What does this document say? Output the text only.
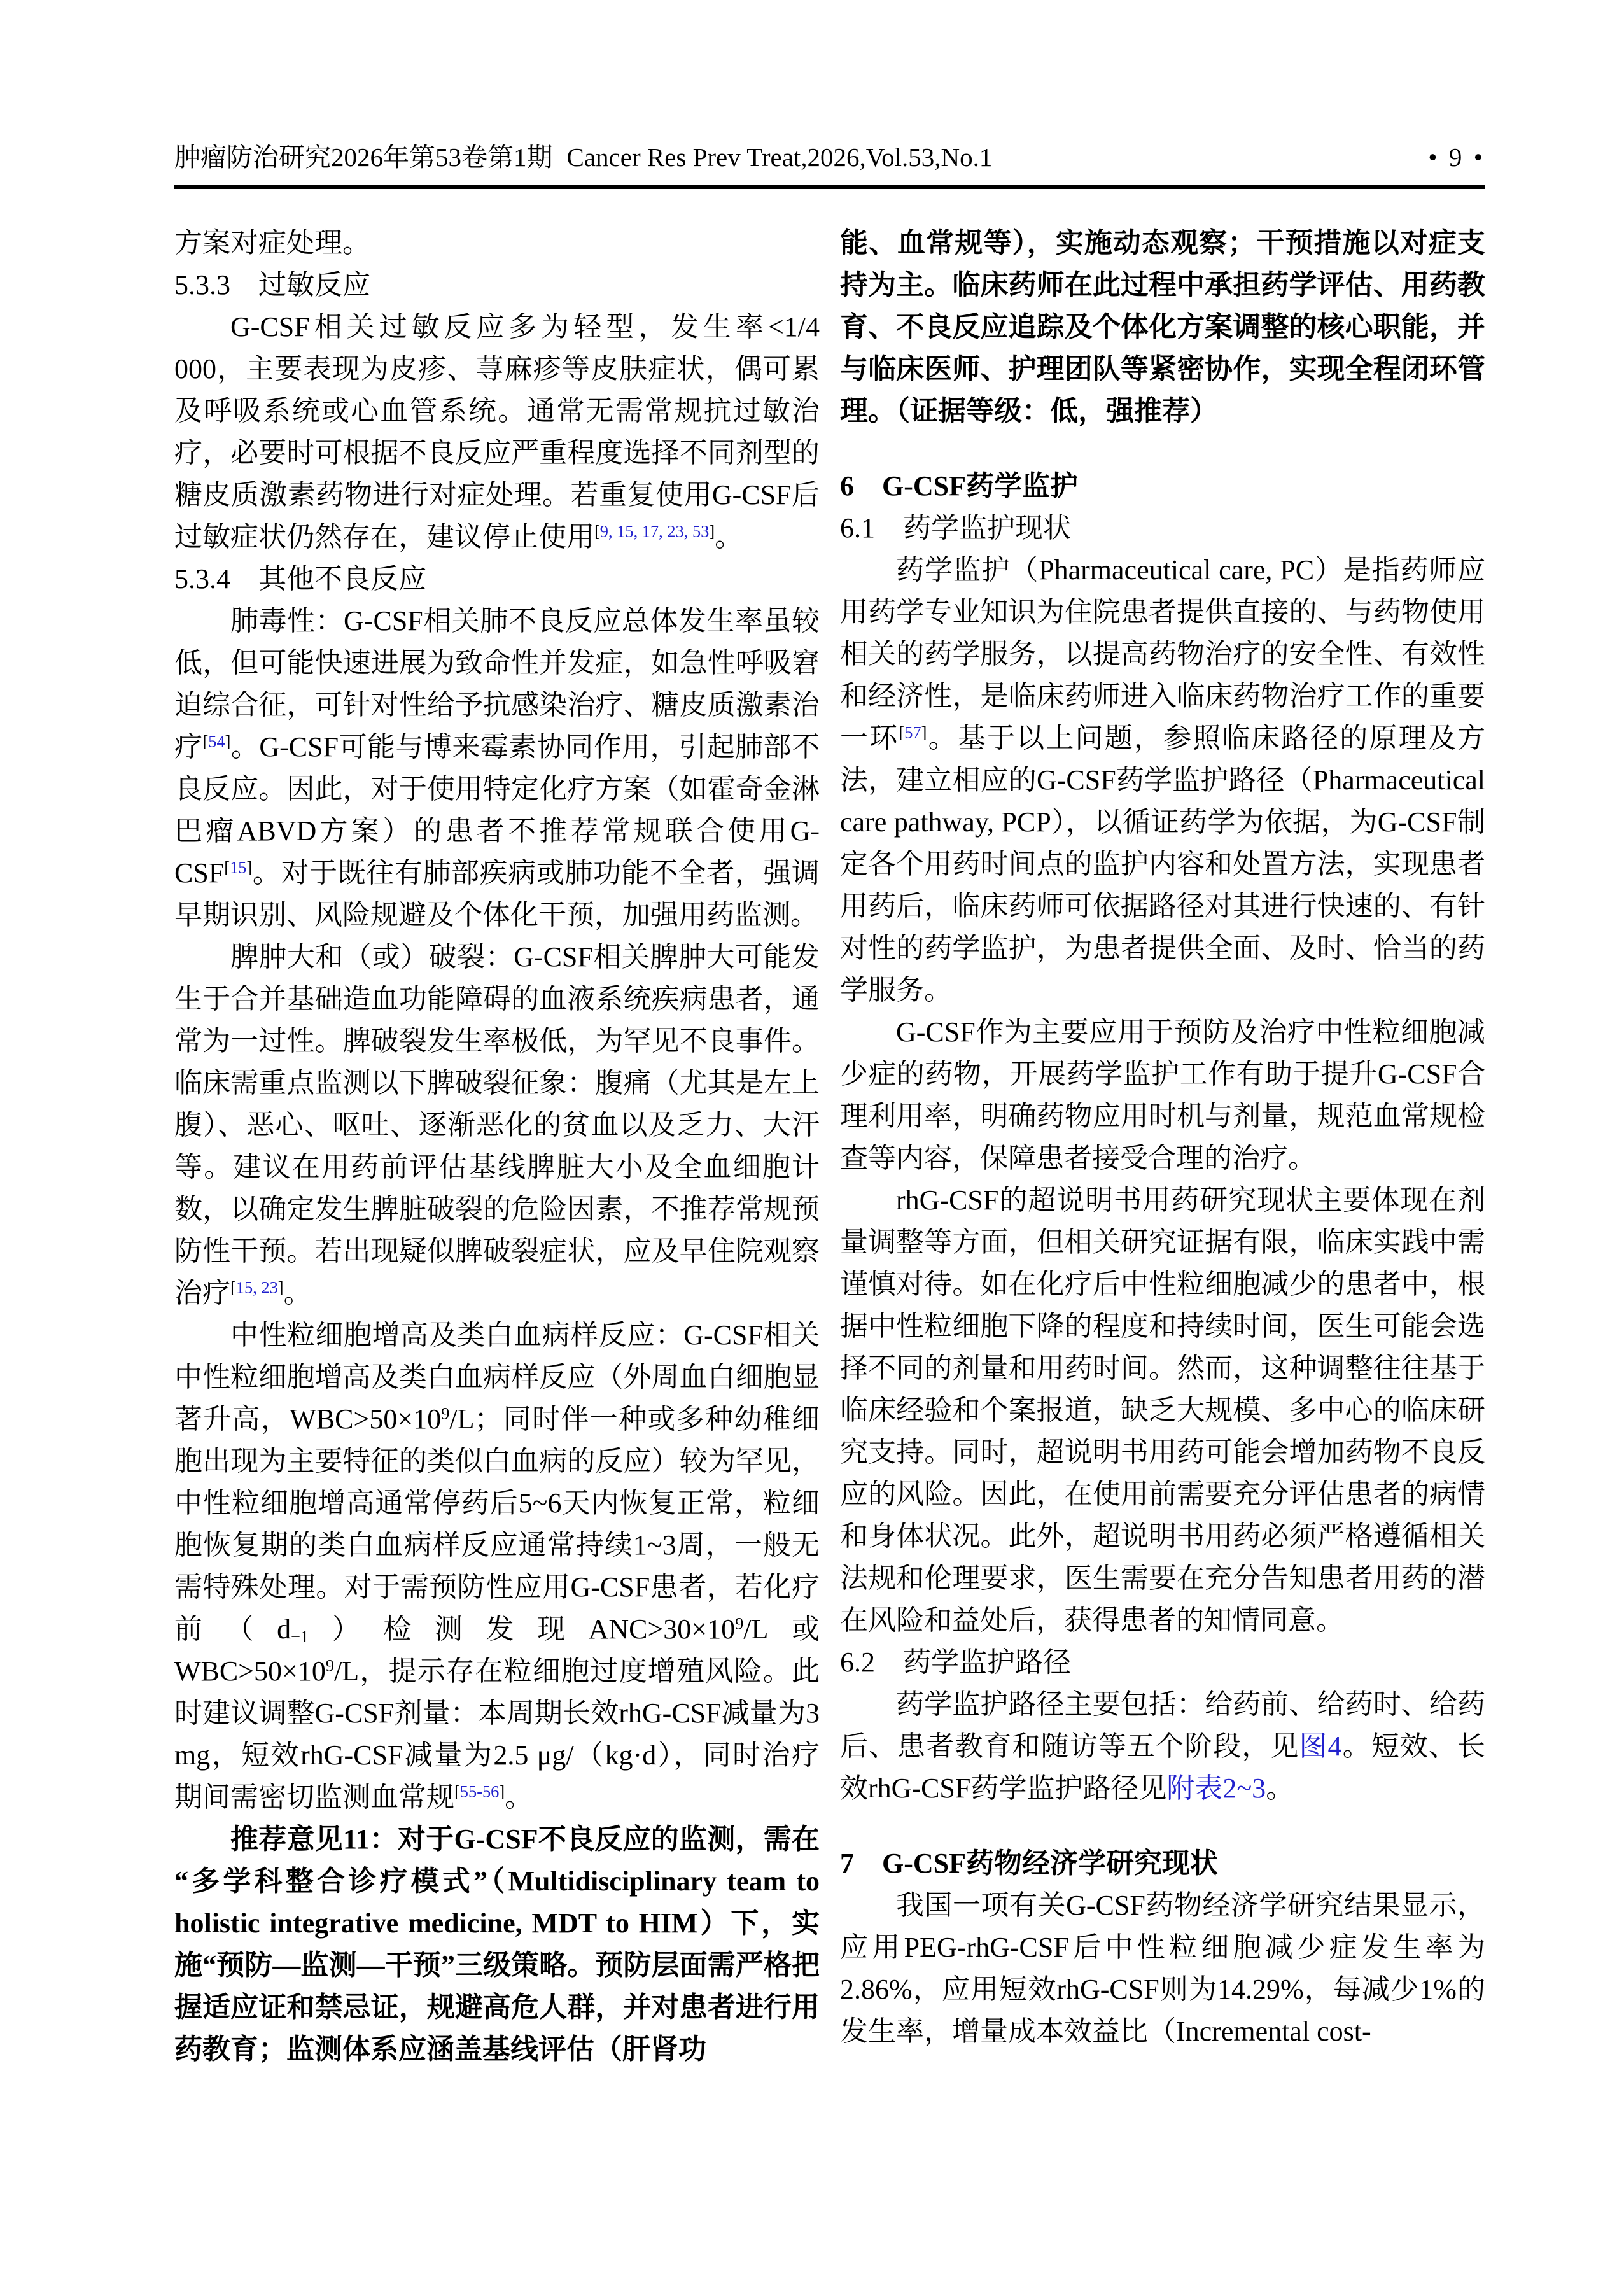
肿瘤防治研究2026年第53卷第1期 Cancer Res Prev Treat,2026,Vol.53,No.1	• 9 •

方案对症处理。

5.3.3　过敏反应

G-CSF相关过敏反应多为轻型，发生率<1/4 000，主要表现为皮疹、荨麻疹等皮肤症状，偶可累及呼吸系统或心血管系统。通常无需常规抗过敏治疗，必要时可根据不良反应严重程度选择不同剂型的糖皮质激素药物进行对症处理。若重复使用G-CSF后过敏症状仍然存在，建议停止使用[9, 15, 17, 23, 53]。

5.3.4　其他不良反应

肺毒性：G-CSF相关肺不良反应总体发生率虽较低，但可能快速进展为致命性并发症，如急性呼吸窘迫综合征，可针对性给予抗感染治疗、糖皮质激素治疗[54]。G-CSF可能与博来霉素协同作用，引起肺部不良反应。因此，对于使用特定化疗方案（如霍奇金淋巴瘤ABVD方案）的患者不推荐常规联合使用G-CSF[15]。对于既往有肺部疾病或肺功能不全者，强调早期识别、风险规避及个体化干预，加强用药监测。

脾肿大和（或）破裂：G-CSF相关脾肿大可能发生于合并基础造血功能障碍的血液系统疾病患者，通常为一过性。脾破裂发生率极低，为罕见不良事件。临床需重点监测以下脾破裂征象：腹痛（尤其是左上腹）、恶心、呕吐、逐渐恶化的贫血以及乏力、大汗等。建议在用药前评估基线脾脏大小及全血细胞计数，以确定发生脾脏破裂的危险因素，不推荐常规预防性干预。若出现疑似脾破裂症状，应及早住院观察治疗[15, 23]。

中性粒细胞增高及类白血病样反应：G-CSF相关中性粒细胞增高及类白血病样反应（外周血白细胞显著升高，$WBC>50\times 10^9/L$；同时伴一种或多种幼稚细胞出现为主要特征的类似白血病的反应）较为罕见，中性粒细胞增高通常停药后5~6天内恢复正常，粒细胞恢复期的类白血病样反应通常持续1~3周，一般无需特殊处理。对于需预防性应用G-CSF患者，若化疗前$(d_{-1})$检测发现$ANC>30\times 10^9/L$或$WBC>50\times 10^9/L$，提示存在粒细胞过度增殖风险。此时建议调整G-CSF剂量：本周期长效rhG-CSF减量为3 mg，短效rhG-CSF减量为2.5 μg/（kg·d），同时治疗期间需密切监测血常规[55-56]。

推荐意见11：对于G-CSF不良反应的监测，需在“多学科整合诊疗模式”（Multidisciplinary team to holistic integrative medicine, MDT to HIM）下，实施“预防—监测—干预”三级策略。预防层面需严格把握适应证和禁忌证，规避高危人群，并对患者进行用药教育；监测体系应涵盖基线评估（肝肾功

能、血常规等），实施动态观察；干预措施以对症支持为主。临床药师在此过程中承担药学评估、用药教育、不良反应追踪及个体化方案调整的核心职能，并与临床医师、护理团队等紧密协作，实现全程闭环管理。（证据等级：低，强推荐）

6　G-CSF药学监护

6.1　药学监护现状

药学监护（Pharmaceutical care, PC）是指药师应用药学专业知识为住院患者提供直接的、与药物使用相关的药学服务，以提高药物治疗的安全性、有效性和经济性，是临床药师进入临床药物治疗工作的重要一环[57]。基于以上问题，参照临床路径的原理及方法，建立相应的G-CSF药学监护路径（Pharmaceutical care pathway, PCP），以循证药学为依据，为G-CSF制定各个用药时间点的监护内容和处置方法，实现患者用药后，临床药师可依据路径对其进行快速的、有针对性的药学监护，为患者提供全面、及时、恰当的药学服务。

G-CSF作为主要应用于预防及治疗中性粒细胞减少症的药物，开展药学监护工作有助于提升G-CSF合理利用率，明确药物应用时机与剂量，规范血常规检查等内容，保障患者接受合理的治疗。

rhG-CSF的超说明书用药研究现状主要体现在剂量调整等方面，但相关研究证据有限，临床实践中需谨慎对待。如在化疗后中性粒细胞减少的患者中，根据中性粒细胞下降的程度和持续时间，医生可能会选择不同的剂量和用药时间。然而，这种调整往往基于临床经验和个案报道，缺乏大规模、多中心的临床研究支持。同时，超说明书用药可能会增加药物不良反应的风险。因此，在使用前需要充分评估患者的病情和身体状况。此外，超说明书用药必须严格遵循相关法规和伦理要求，医生需要在充分告知患者用药的潜在风险和益处后，获得患者的知情同意。

6.2　药学监护路径

药学监护路径主要包括：给药前、给药时、给药后、患者教育和随访等五个阶段，见图4。短效、长效rhG-CSF药学监护路径见附表2~3。

7　G-CSF药物经济学研究现状

我国一项有关G-CSF药物经济学研究结果显示，应用PEG-rhG-CSF后中性粒细胞减少症发生率为2.86%，应用短效rhG-CSF则为14.29%，每减少1%的发生率，增量成本效益比（Incremental cost-
